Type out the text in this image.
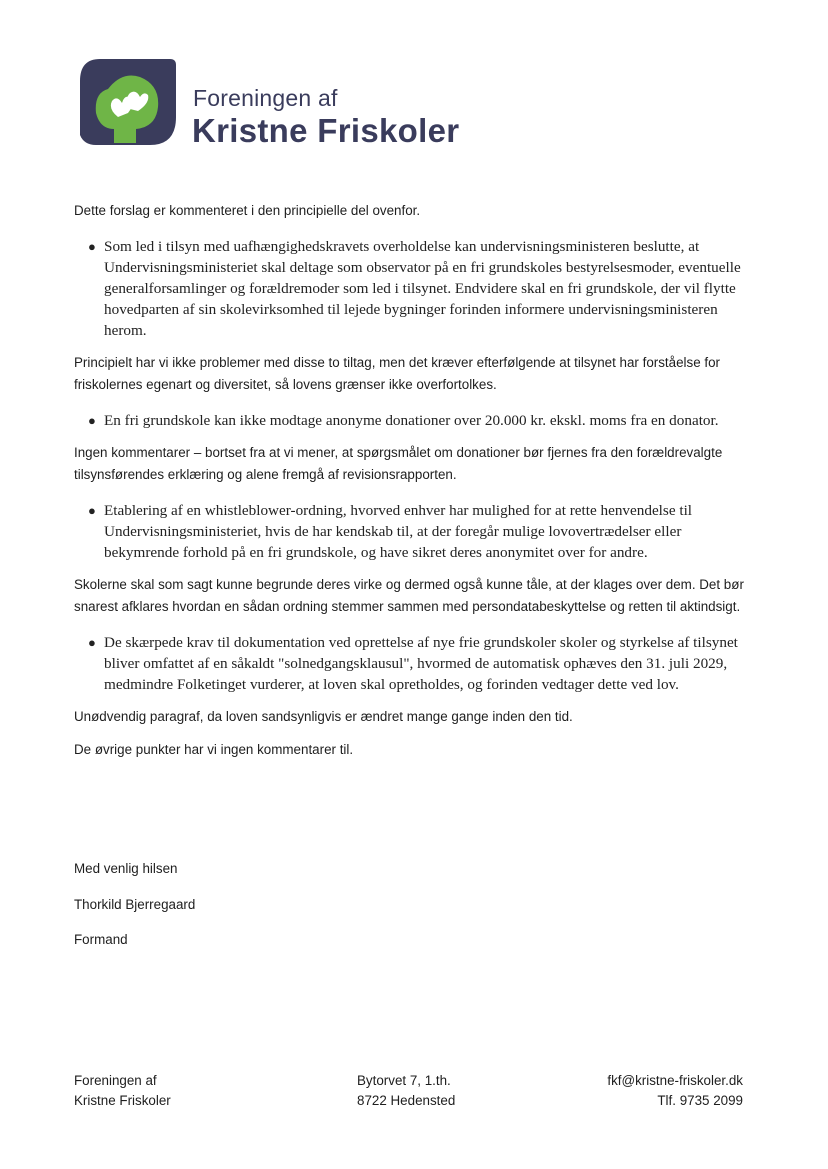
Foreningen af
Kristne Friskoler

Dette forslag er kommenteret i den principielle del ovenfor.

● Som led i tilsyn med uafhængighedskravets overholdelse kan undervisningsministeren beslutte, at Undervisningsministeriet skal deltage som observator på en fri grundskoles bestyrelsesmoder, eventuelle generalforsamlinger og forældremoder som led i tilsynet. Endvidere skal en fri grundskole, der vil flytte hovedparten af sin skolevirksomhed til lejede bygninger forinden informere undervisningsministeren herom.

Principielt har vi ikke problemer med disse to tiltag, men det kræver efterfølgende at tilsynet har forståelse for friskolernes egenart og diversitet, så lovens grænser ikke overfortolkes.

● En fri grundskole kan ikke modtage anonyme donationer over 20.000 kr. ekskl. moms fra en donator.

Ingen kommentarer – bortset fra at vi mener, at spørgsmålet om donationer bør fjernes fra den forældrevalgte tilsynsførendes erklæring og alene fremgå af revisionsrapporten.

● Etablering af en whistleblower-ordning, hvorved enhver har mulighed for at rette henvendelse til Undervisningsministeriet, hvis de har kendskab til, at der foregår mulige lovovertrædelser eller bekymrende forhold på en fri grundskole, og have sikret deres anonymitet over for andre.

Skolerne skal som sagt kunne begrunde deres virke og dermed også kunne tåle, at der klages over dem. Det bør snarest afklares hvordan en sådan ordning stemmer sammen med persondatabeskyttelse og retten til aktindsigt.

● De skærpede krav til dokumentation ved oprettelse af nye frie grundskoler skoler og styrkelse af tilsynet bliver omfattet af en såkaldt "solnedgangsklausul", hvormed de automatisk ophæves den 31. juli 2029, medmindre Folketinget vurderer, at loven skal opretholdes, og forinden vedtager dette ved lov.

Unødvendig paragraf, da loven sandsynligvis er ændret mange gange inden den tid.

De øvrige punkter har vi ingen kommentarer til.

Med venlig hilsen
Thorkild Bjerregaard
Formand
Foreningen af
Kristne Friskoler
Bytorvet 7, 1.th.
8722 Hedensted
fkf@kristne-friskoler.dk
Tlf. 9735 2099
